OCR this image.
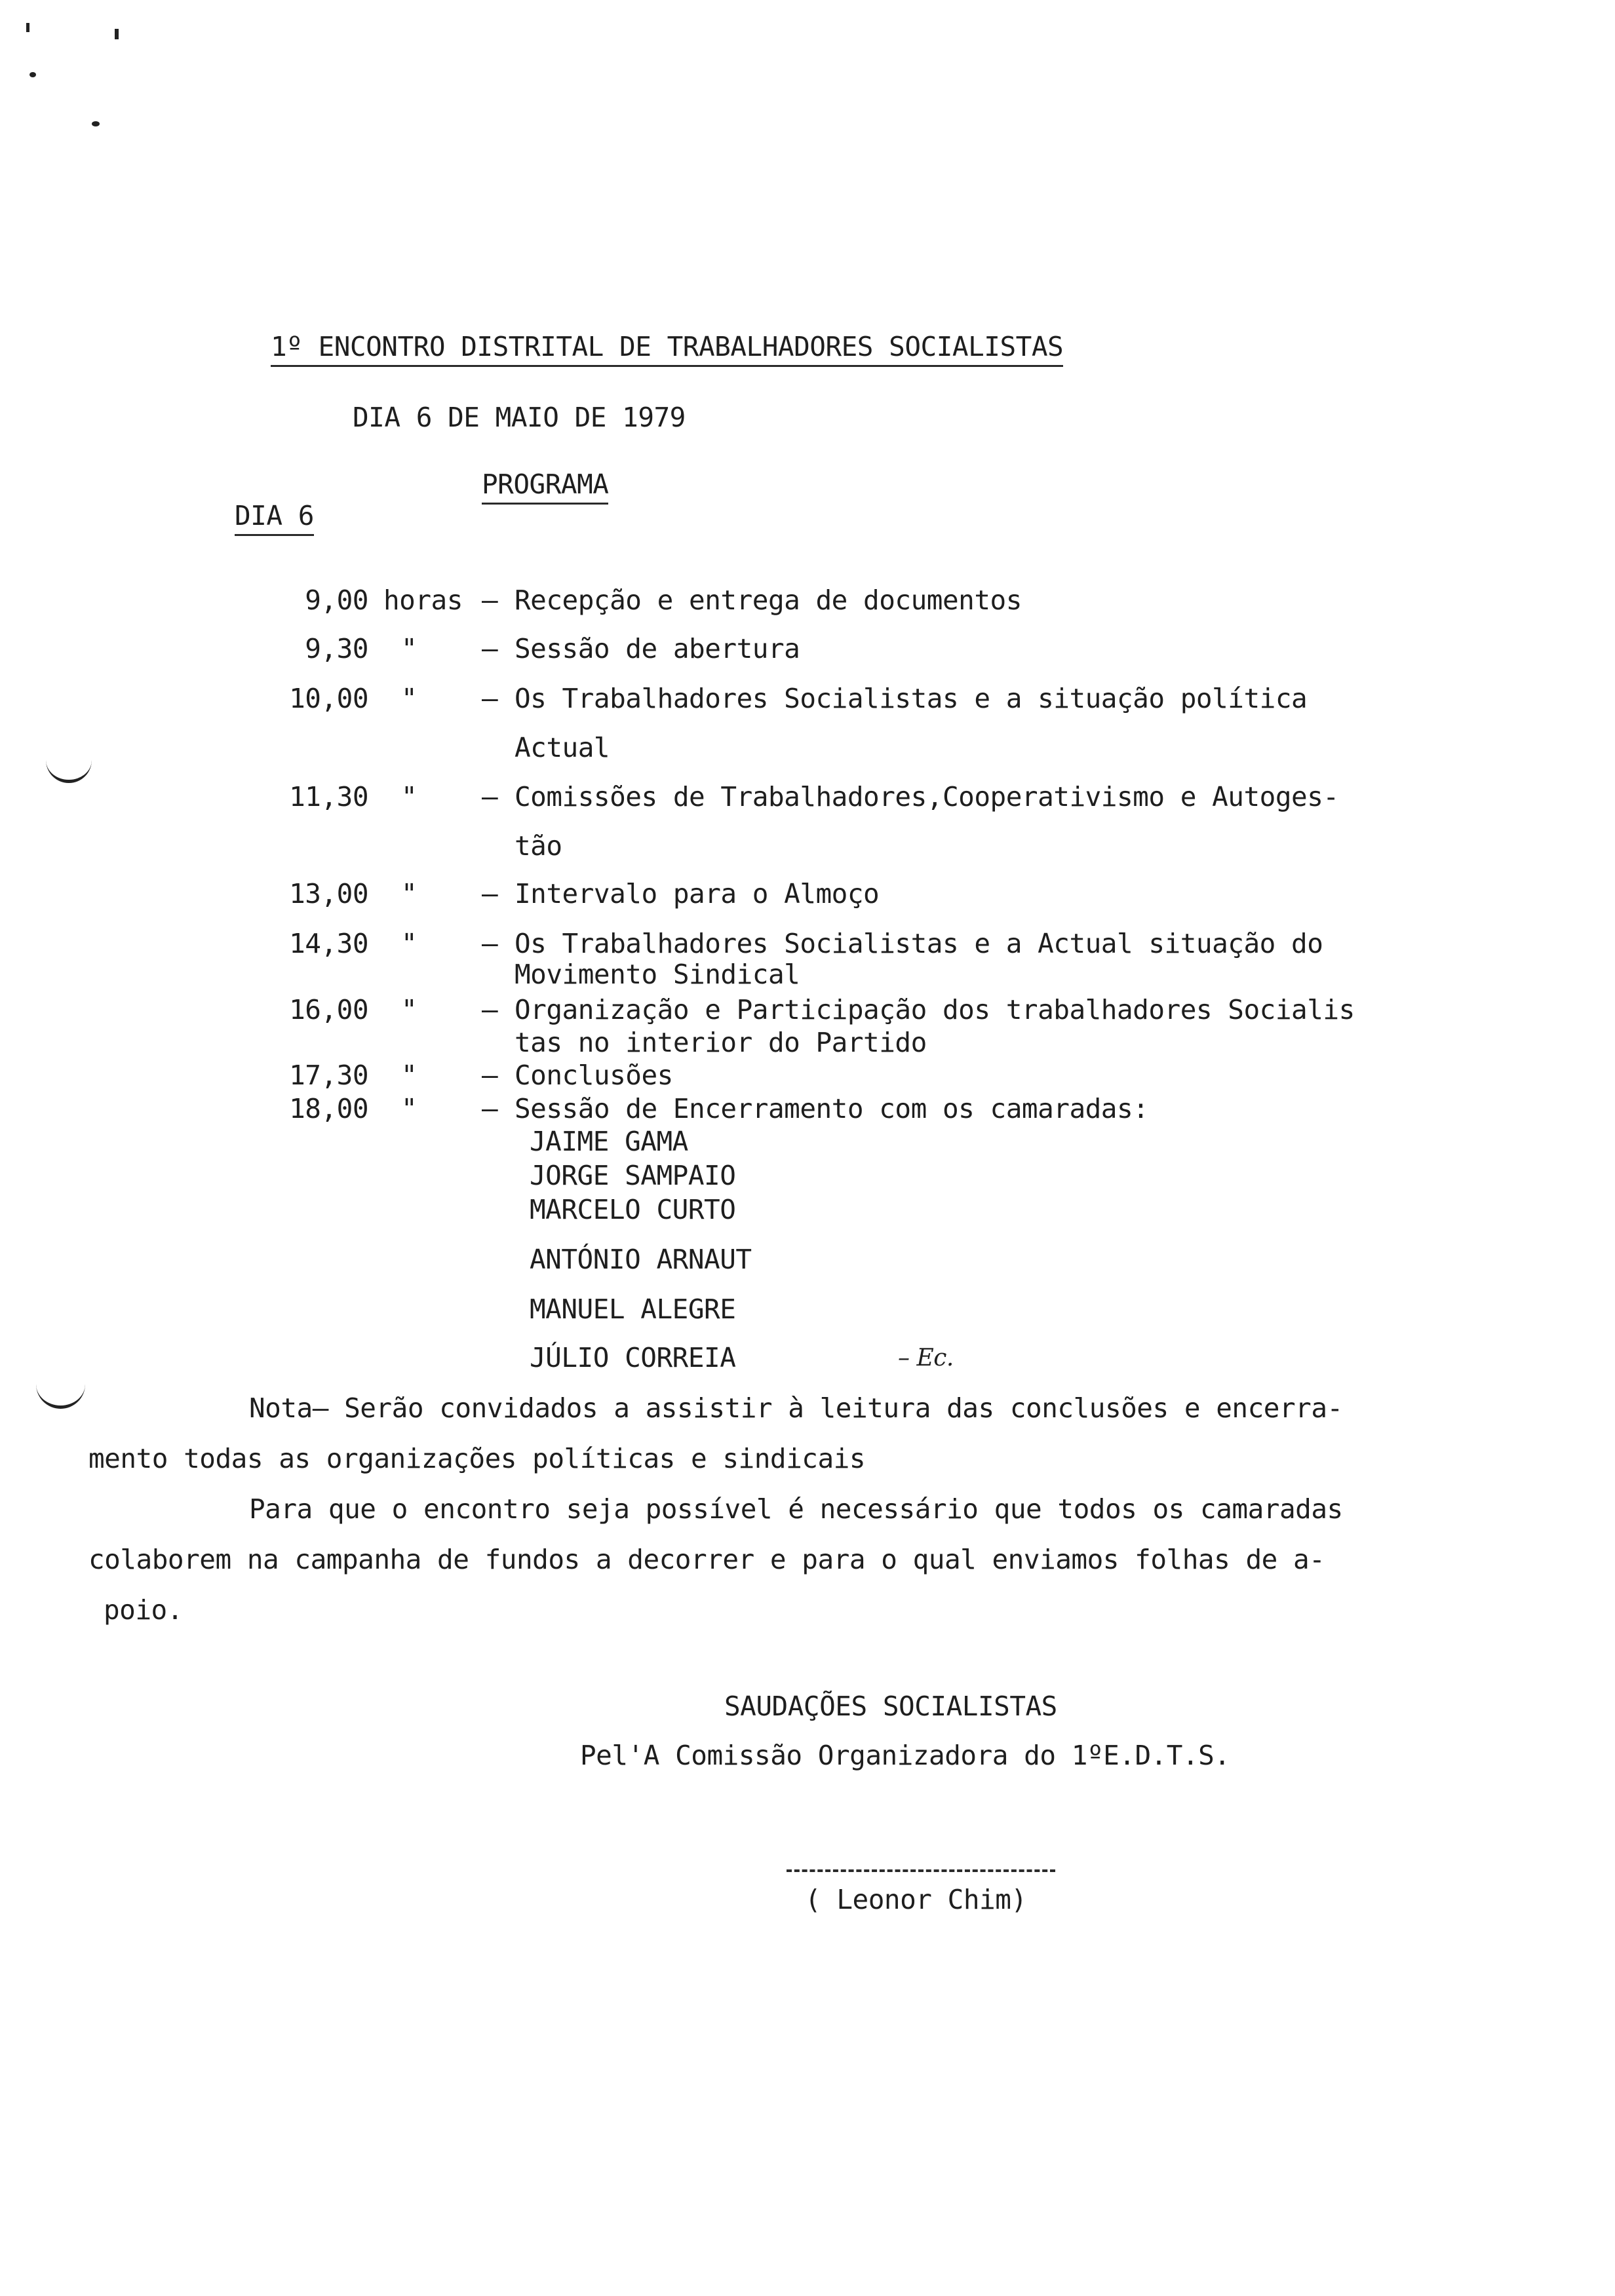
1º ENCONTRO DISTRITAL DE TRABALHADORES SOCIALISTAS
DIA 6 DE MAIO DE 1979
PROGRAMA
DIA 6
9,00 horas – Recepção e entrega de documentos
9,30 " – Sessão de abertura
10,00 " – Os Trabalhadores Socialistas e a situação política
Actual
11,30 " – Comissões de Trabalhadores,Cooperativismo e Autoges-
tão
13,00 " – Intervalo para o Almoço
14,30 " – Os Trabalhadores Socialistas e a Actual situação do
Movimento Sindical
16,00 " – Organização e Participação dos trabalhadores Socialis
tas no interior do Partido
17,30 " – Conclusões
18,00 " – Sessão de Encerramento com os camaradas:
JAIME GAMA
JORGE SAMPAIO
MARCELO CURTO
ANTÓNIO ARNAUT
MANUEL ALEGRE
JÚLIO CORREIA	– Ec.
Nota– Serão convidados a assistir à leitura das conclusões e encerra-
mento todas as organizações políticas e sindicais
Para que o encontro seja possível é necessário que todos os camaradas
colaborem na campanha de fundos a decorrer e para o qual enviamos folhas de a-
poio.
SAUDAÇÕES SOCIALISTAS
Pel'A Comissão Organizadora do 1ºE.D.T.S.
( Leonor Chim)
